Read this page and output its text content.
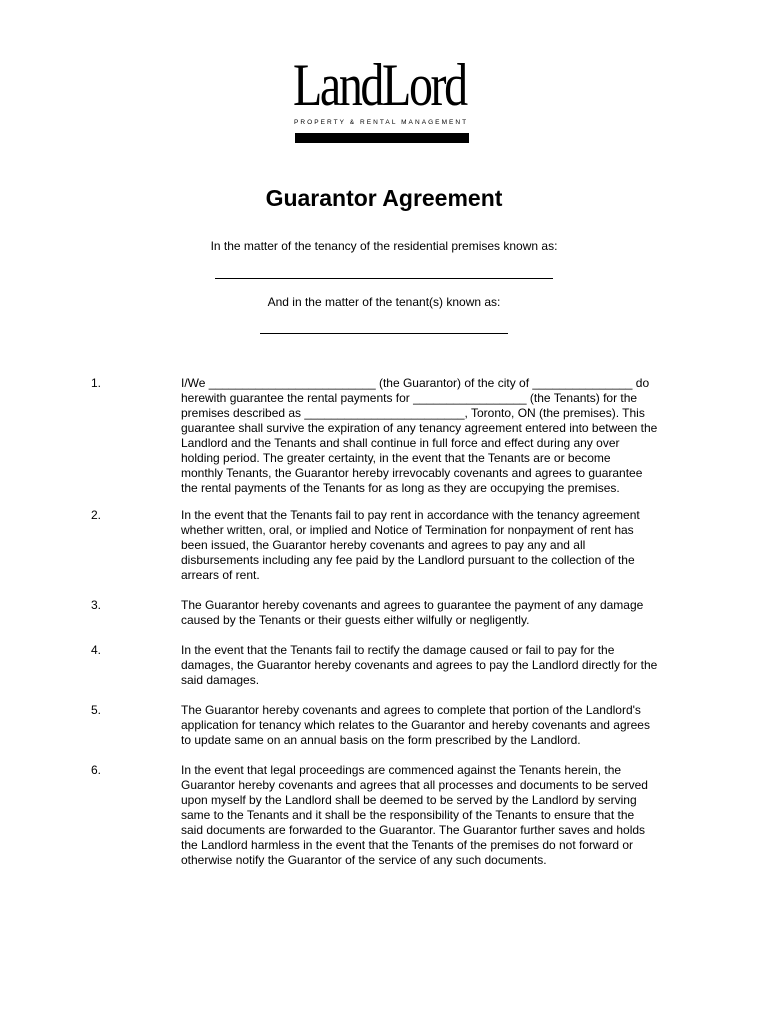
LandLord
PROPERTY & RENTAL MANAGEMENT
Guarantor Agreement
In the matter of the tenancy of the residential premises known as:
And in the matter of the tenant(s) known as:
1.	I/We _________________________ (the Guarantor) of the city of _______________ do
herewith guarantee the rental payments for _________________ (the Tenants) for the
premises described as ________________________, Toronto, ON (the premises). This
guarantee shall survive the expiration of any tenancy agreement entered into between the
Landlord and the Tenants and shall continue in full force and effect during any over
holding period. The greater certainty, in the event that the Tenants are or become
monthly Tenants, the Guarantor hereby irrevocably covenants and agrees to guarantee
the rental payments of the Tenants for as long as they are occupying the premises.
2.	In the event that the Tenants fail to pay rent in accordance with the tenancy agreement
whether written, oral, or implied and Notice of Termination for nonpayment of rent has
been issued, the Guarantor hereby covenants and agrees to pay any and all
disbursements including any fee paid by the Landlord pursuant to the collection of the
arrears of rent.
3.	The Guarantor hereby covenants and agrees to guarantee the payment of any damage
caused by the Tenants or their guests either wilfully or negligently.
4.	In the event that the Tenants fail to rectify the damage caused or fail to pay for the
damages, the Guarantor hereby covenants and agrees to pay the Landlord directly for the
said damages.
5.	The Guarantor hereby covenants and agrees to complete that portion of the Landlord's
application for tenancy which relates to the Guarantor and hereby covenants and agrees
to update same on an annual basis on the form prescribed by the Landlord.
6.	In the event that legal proceedings are commenced against the Tenants herein, the
Guarantor hereby covenants and agrees that all processes and documents to be served
upon myself by the Landlord shall be deemed to be served by the Landlord by serving
same to the Tenants and it shall be the responsibility of the Tenants to ensure that the
said documents are forwarded to the Guarantor. The Guarantor further saves and holds
the Landlord harmless in the event that the Tenants of the premises do not forward or
otherwise notify the Guarantor of the service of any such documents.
